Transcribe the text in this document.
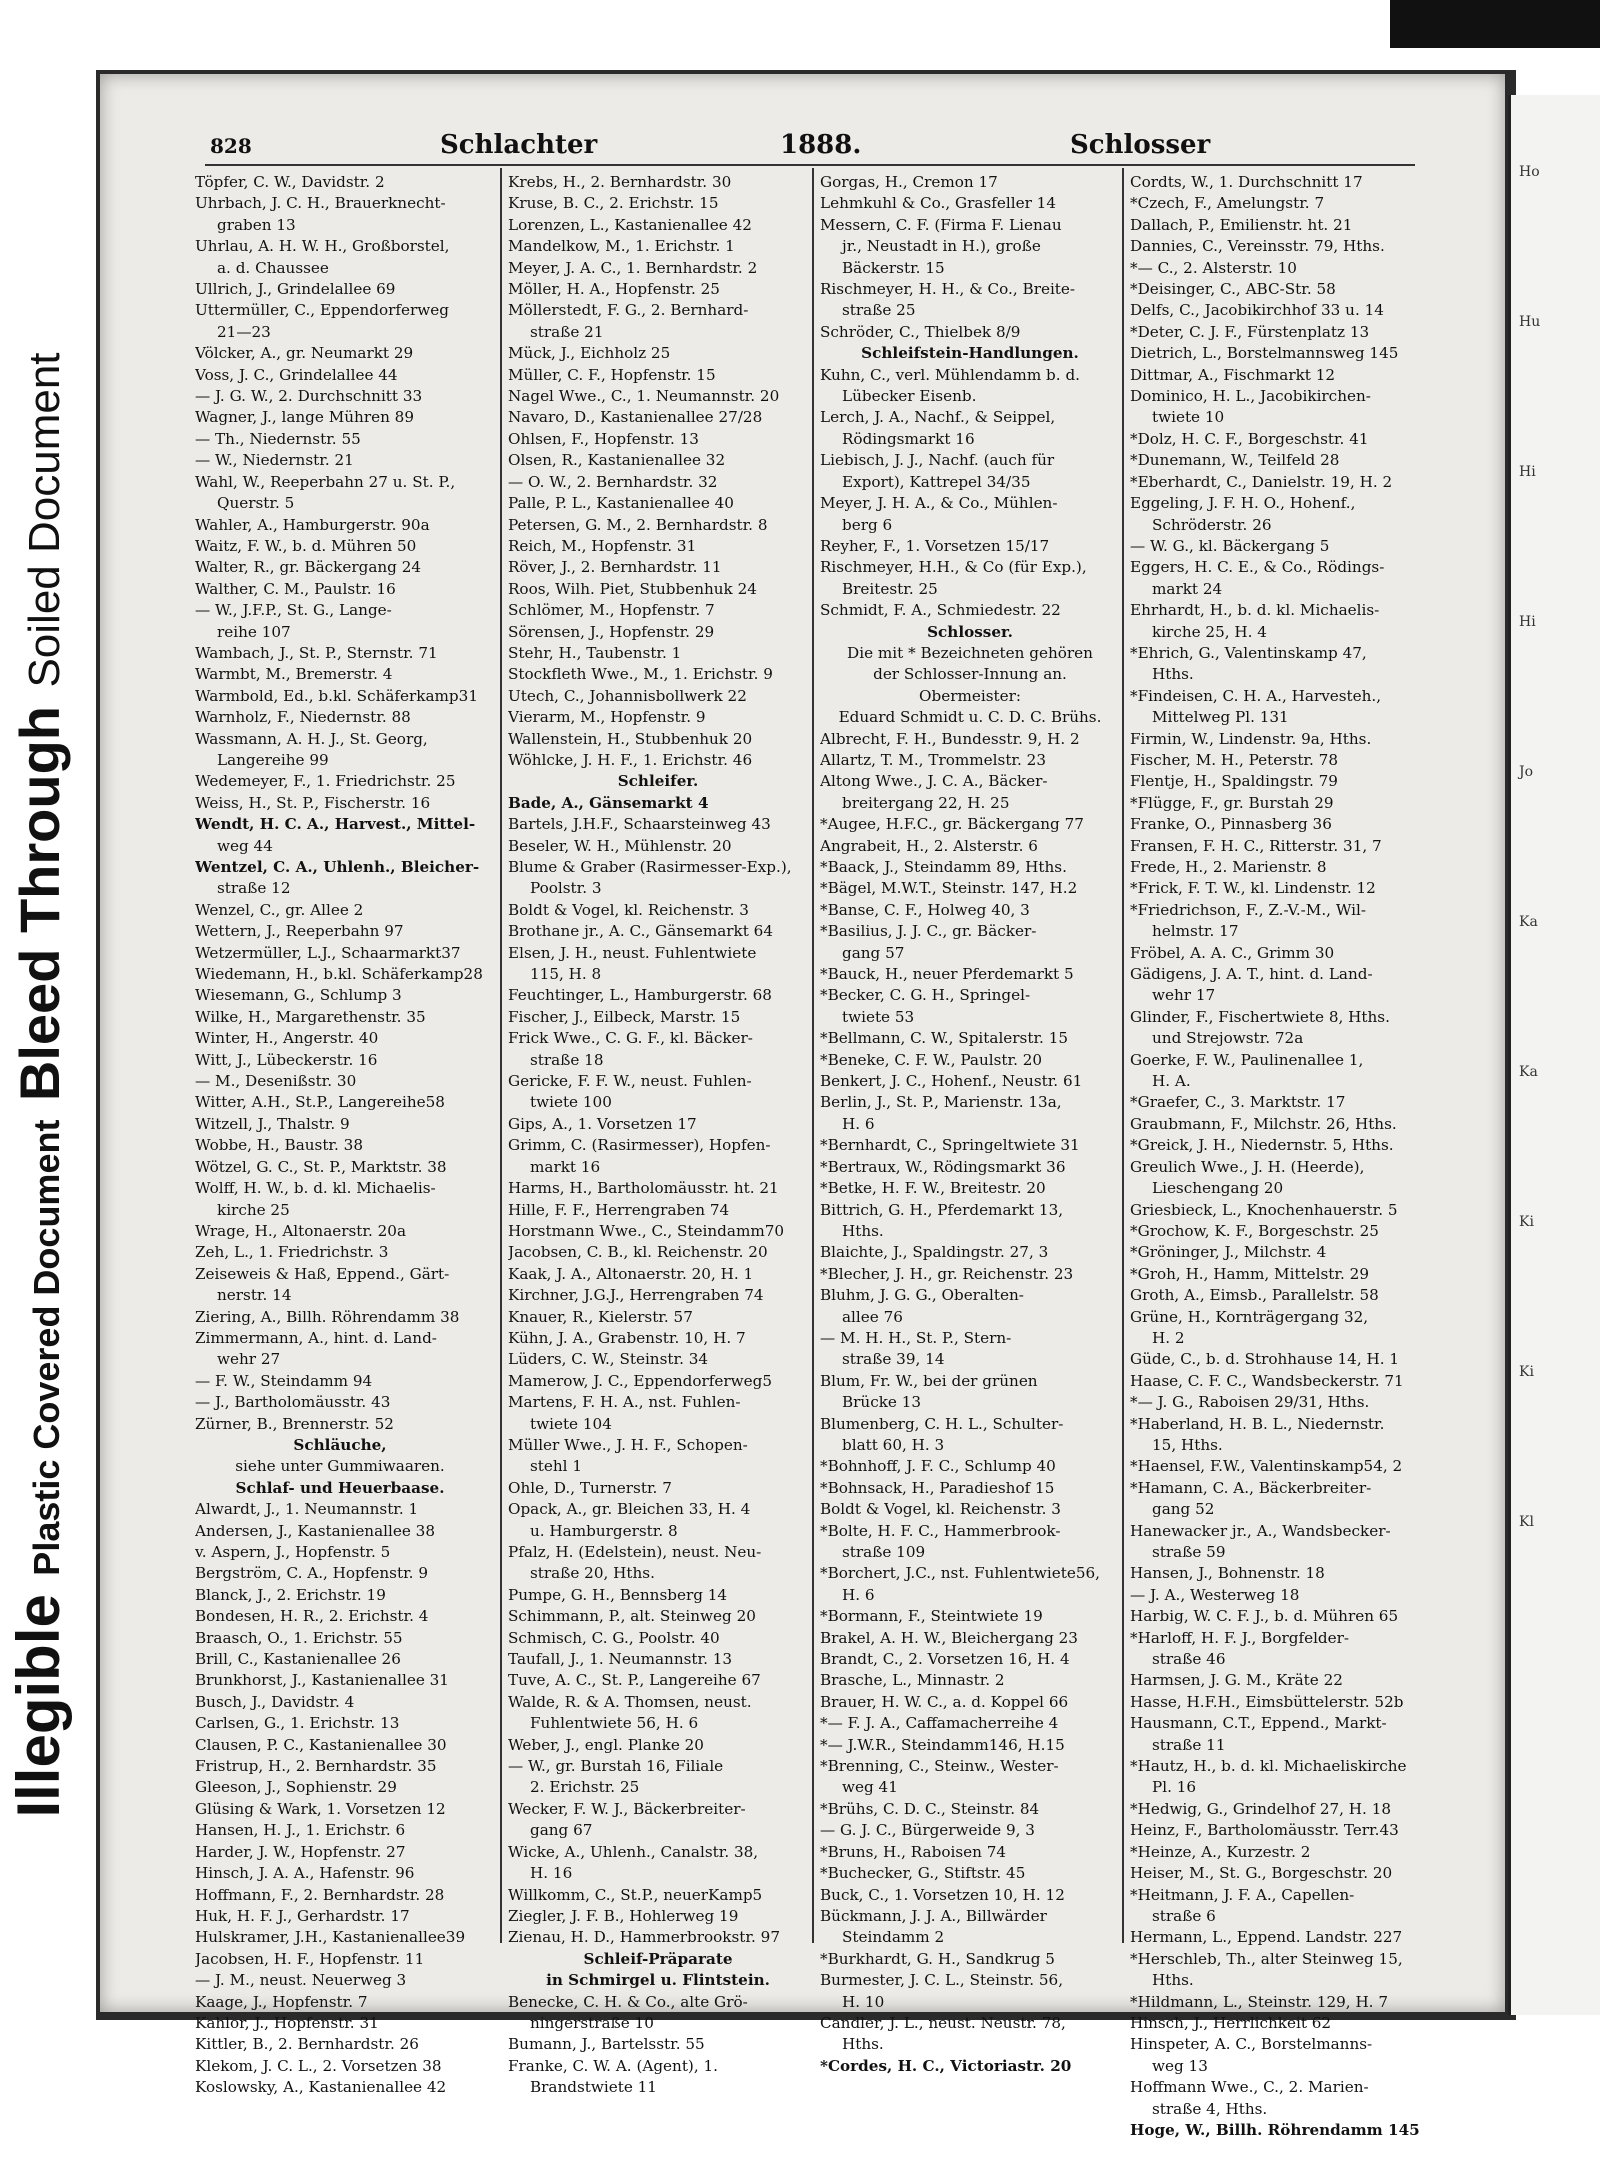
Illegible Plastic Covered Document Bleed Through Soiled Document
Ho
Hu
Hi
Hi
Jo
Ka
Ka
Ki
Ki
Kl
828	Schlachter	1888.	Schlosser
Töpfer, C. W., Davidstr. 2
Uhrbach, J. C. H., Brauerknecht-
graben 13
Uhrlau, A. H. W. H., Großborstel,
a. d. Chaussee
Ullrich, J., Grindelallee 69
Uttermüller, C., Eppendorferweg
21—23
Völcker, A., gr. Neumarkt 29
Voss, J. C., Grindelallee 44
— J. G. W., 2. Durchschnitt 33
Wagner, J., lange Mühren 89
— Th., Niedernstr. 55
— W., Niedernstr. 21
Wahl, W., Reeperbahn 27 u. St. P.,
Querstr. 5
Wahler, A., Hamburgerstr. 90a
Waitz, F. W., b. d. Mühren 50
Walter, R., gr. Bäckergang 24
Walther, C. M., Paulstr. 16
— W., J.F.P., St. G., Lange-
reihe 107
Wambach, J., St. P., Sternstr. 71
Warmbt, M., Bremerstr. 4
Warmbold, Ed., b.kl. Schäferkamp31
Warnholz, F., Niedernstr. 88
Wassmann, A. H. J., St. Georg,
Langereihe 99
Wedemeyer, F., 1. Friedrichstr. 25
Weiss, H., St. P., Fischerstr. 16
Wendt, H. C. A., Harvest., Mittel-
weg 44
Wentzel, C. A., Uhlenh., Bleicher-
straße 12
Wenzel, C., gr. Allee 2
Wettern, J., Reeperbahn 97
Wetzermüller, L.J., Schaarmarkt37
Wiedemann, H., b.kl. Schäferkamp28
Wiesemann, G., Schlump 3
Wilke, H., Margarethenstr. 35
Winter, H., Angerstr. 40
Witt, J., Lübeckerstr. 16
— M., Desenißstr. 30
Witter, A.H., St.P., Langereihe58
Witzell, J., Thalstr. 9
Wobbe, H., Baustr. 38
Wötzel, G. C., St. P., Marktstr. 38
Wolff, H. W., b. d. kl. Michaelis-
kirche 25
Wrage, H., Altonaerstr. 20a
Zeh, L., 1. Friedrichstr. 3
Zeiseweis & Haß, Eppend., Gärt-
nerstr. 14
Ziering, A., Billh. Röhrendamm 38
Zimmermann, A., hint. d. Land-
wehr 27
— F. W., Steindamm 94
— J., Bartholomäusstr. 43
Zürner, B., Brennerstr. 52
Schläuche,
siehe unter Gummiwaaren.
Schlaf- und Heuerbaase.
Alwardt, J., 1. Neumannstr. 1
Andersen, J., Kastanienallee 38
v. Aspern, J., Hopfenstr. 5
Bergström, C. A., Hopfenstr. 9
Blanck, J., 2. Erichstr. 19
Bondesen, H. R., 2. Erichstr. 4
Braasch, O., 1. Erichstr. 55
Brill, C., Kastanienallee 26
Brunkhorst, J., Kastanienallee 31
Busch, J., Davidstr. 4
Carlsen, G., 1. Erichstr. 13
Clausen, P. C., Kastanienallee 30
Fristrup, H., 2. Bernhardstr. 35
Gleeson, J., Sophienstr. 29
Glüsing & Wark, 1. Vorsetzen 12
Hansen, H. J., 1. Erichstr. 6
Harder, J. W., Hopfenstr. 27
Hinsch, J. A. A., Hafenstr. 96
Hoffmann, F., 2. Bernhardstr. 28
Huk, H. F. J., Gerhardstr. 17
Hulskramer, J.H., Kastanienallee39
Jacobsen, H. F., Hopfenstr. 11
— J. M., neust. Neuerweg 3
Kaage, J., Hopfenstr. 7
Kahlor, J., Hopfenstr. 31
Kittler, B., 2. Bernhardstr. 26
Klekom, J. C. L., 2. Vorsetzen 38
Koslowsky, A., Kastanienallee 42
Krebs, H., 2. Bernhardstr. 30
Kruse, B. C., 2. Erichstr. 15
Lorenzen, L., Kastanienallee 42
Mandelkow, M., 1. Erichstr. 1
Meyer, J. A. C., 1. Bernhardstr. 2
Möller, H. A., Hopfenstr. 25
Möllerstedt, F. G., 2. Bernhard-
straße 21
Mück, J., Eichholz 25
Müller, C. F., Hopfenstr. 15
Nagel Wwe., C., 1. Neumannstr. 20
Navaro, D., Kastanienallee 27/28
Ohlsen, F., Hopfenstr. 13
Olsen, R., Kastanienallee 32
— O. W., 2. Bernhardstr. 32
Palle, P. L., Kastanienallee 40
Petersen, G. M., 2. Bernhardstr. 8
Reich, M., Hopfenstr. 31
Röver, J., 2. Bernhardstr. 11
Roos, Wilh. Piet, Stubbenhuk 24
Schlömer, M., Hopfenstr. 7
Sörensen, J., Hopfenstr. 29
Stehr, H., Taubenstr. 1
Stockfleth Wwe., M., 1. Erichstr. 9
Utech, C., Johannisbollwerk 22
Vierarm, M., Hopfenstr. 9
Wallenstein, H., Stubbenhuk 20
Wöhlcke, J. H. F., 1. Erichstr. 46
Schleifer.
Bade, A., Gänsemarkt 4
Bartels, J.H.F., Schaarsteinweg 43
Beseler, W. H., Mühlenstr. 20
Blume & Graber (Rasirmesser-Exp.),
Poolstr. 3
Boldt & Vogel, kl. Reichenstr. 3
Brothane jr., A. C., Gänsemarkt 64
Elsen, J. H., neust. Fuhlentwiete
115, H. 8
Feuchtinger, L., Hamburgerstr. 68
Fischer, J., Eilbeck, Marstr. 15
Frick Wwe., C. G. F., kl. Bäcker-
straße 18
Gericke, F. F. W., neust. Fuhlen-
twiete 100
Gips, A., 1. Vorsetzen 17
Grimm, C. (Rasirmesser), Hopfen-
markt 16
Harms, H., Bartholomäusstr. ht. 21
Hille, F. F., Herrengraben 74
Horstmann Wwe., C., Steindamm70
Jacobsen, C. B., kl. Reichenstr. 20
Kaak, J. A., Altonaerstr. 20, H. 1
Kirchner, J.G.J., Herrengraben 74
Knauer, R., Kielerstr. 57
Kühn, J. A., Grabenstr. 10, H. 7
Lüders, C. W., Steinstr. 34
Mamerow, J. C., Eppendorferweg5
Martens, F. H. A., nst. Fuhlen-
twiete 104
Müller Wwe., J. H. F., Schopen-
stehl 1
Ohle, D., Turnerstr. 7
Opack, A., gr. Bleichen 33, H. 4
u. Hamburgerstr. 8
Pfalz, H. (Edelstein), neust. Neu-
straße 20, Hths.
Pumpe, G. H., Bennsberg 14
Schimmann, P., alt. Steinweg 20
Schmisch, C. G., Poolstr. 40
Taufall, J., 1. Neumannstr. 13
Tuve, A. C., St. P., Langereihe 67
Walde, R. & A. Thomsen, neust.
Fuhlentwiete 56, H. 6
Weber, J., engl. Planke 20
— W., gr. Burstah 16, Filiale
2. Erichstr. 25
Wecker, F. W. J., Bäckerbreiter-
gang 67
Wicke, A., Uhlenh., Canalstr. 38,
H. 16
Willkomm, C., St.P., neuerKamp5
Ziegler, J. F. B., Hohlerweg 19
Zienau, H. D., Hammerbrookstr. 97
Schleif-Präparate
in Schmirgel u. Flintstein.
Benecke, C. H. & Co., alte Grö-
ningerstraße 10
Bumann, J., Bartelsstr. 55
Franke, C. W. A. (Agent), 1.
Brandstwiete 11
Gorgas, H., Cremon 17
Lehmkuhl & Co., Grasfeller 14
Messern, C. F. (Firma F. Lienau
jr., Neustadt in H.), große
Bäckerstr. 15
Rischmeyer, H. H., & Co., Breite-
straße 25
Schröder, C., Thielbek 8/9
Schleifstein-Handlungen.
Kuhn, C., verl. Mühlendamm b. d.
Lübecker Eisenb.
Lerch, J. A., Nachf., & Seippel,
Rödingsmarkt 16
Liebisch, J. J., Nachf. (auch für
Export), Kattrepel 34/35
Meyer, J. H. A., & Co., Mühlen-
berg 6
Reyher, F., 1. Vorsetzen 15/17
Rischmeyer, H.H., & Co (für Exp.),
Breitestr. 25
Schmidt, F. A., Schmiedestr. 22
Schlosser.
Die mit * Bezeichneten gehören
der Schlosser-Innung an.
Obermeister:
Eduard Schmidt u. C. D. C. Brühs.
Albrecht, F. H., Bundesstr. 9, H. 2
Allartz, T. M., Trommelstr. 23
Altong Wwe., J. C. A., Bäcker-
breitergang 22, H. 25
*Augee, H.F.C., gr. Bäckergang 77
Angrabeit, H., 2. Alsterstr. 6
*Baack, J., Steindamm 89, Hths.
*Bägel, M.W.T., Steinstr. 147, H.2
*Banse, C. F., Holweg 40, 3
*Basilius, J. J. C., gr. Bäcker-
gang 57
*Bauck, H., neuer Pferdemarkt 5
*Becker, C. G. H., Springel-
twiete 53
*Bellmann, C. W., Spitalerstr. 15
*Beneke, C. F. W., Paulstr. 20
Benkert, J. C., Hohenf., Neustr. 61
Berlin, J., St. P., Marienstr. 13a,
H. 6
*Bernhardt, C., Springeltwiete 31
*Bertraux, W., Rödingsmarkt 36
*Betke, H. F. W., Breitestr. 20
Bittrich, G. H., Pferdemarkt 13,
Hths.
Blaichte, J., Spaldingstr. 27, 3
*Blecher, J. H., gr. Reichenstr. 23
Bluhm, J. G. G., Oberalten-
allee 76
— M. H. H., St. P., Stern-
straße 39, 14
Blum, Fr. W., bei der grünen
Brücke 13
Blumenberg, C. H. L., Schulter-
blatt 60, H. 3
*Bohnhoff, J. F. C., Schlump 40
*Bohnsack, H., Paradieshof 15
Boldt & Vogel, kl. Reichenstr. 3
*Bolte, H. F. C., Hammerbrook-
straße 109
*Borchert, J.C., nst. Fuhlentwiete56,
H. 6
*Bormann, F., Steintwiete 19
Brakel, A. H. W., Bleichergang 23
Brandt, C., 2. Vorsetzen 16, H. 4
Brasche, L., Minnastr. 2
Brauer, H. W. C., a. d. Koppel 66
*— F. J. A., Caffamacherreihe 4
*— J.W.R., Steindamm146, H.15
*Brenning, C., Steinw., Wester-
weg 41
*Brühs, C. D. C., Steinstr. 84
— G. J. C., Bürgerweide 9, 3
*Bruns, H., Raboisen 74
*Buchecker, G., Stiftstr. 45
Buck, C., 1. Vorsetzen 10, H. 12
Bückmann, J. J. A., Billwärder
Steindamm 2
*Burkhardt, G. H., Sandkrug 5
Burmester, J. C. L., Steinstr. 56,
H. 10
Candler, J. L., neust. Neustr. 78,
Hths.
*Cordes, H. C., Victoriastr. 20
Cordts, W., 1. Durchschnitt 17
*Czech, F., Amelungstr. 7
Dallach, P., Emilienstr. ht. 21
Dannies, C., Vereinsstr. 79, Hths.
*— C., 2. Alsterstr. 10
*Deisinger, C., ABC-Str. 58
Delfs, C., Jacobikirchhof 33 u. 14
*Deter, C. J. F., Fürstenplatz 13
Dietrich, L., Borstelmannsweg 145
Dittmar, A., Fischmarkt 12
Dominico, H. L., Jacobikirchen-
twiete 10
*Dolz, H. C. F., Borgeschstr. 41
*Dunemann, W., Teilfeld 28
*Eberhardt, C., Danielstr. 19, H. 2
Eggeling, J. F. H. O., Hohenf.,
Schröderstr. 26
— W. G., kl. Bäckergang 5
Eggers, H. C. E., & Co., Rödings-
markt 24
Ehrhardt, H., b. d. kl. Michaelis-
kirche 25, H. 4
*Ehrich, G., Valentinskamp 47,
Hths.
*Findeisen, C. H. A., Harvesteh.,
Mittelweg Pl. 131
Firmin, W., Lindenstr. 9a, Hths.
Fischer, M. H., Peterstr. 78
Flentje, H., Spaldingstr. 79
*Flügge, F., gr. Burstah 29
Franke, O., Pinnasberg 36
Fransen, F. H. C., Ritterstr. 31, 7
Frede, H., 2. Marienstr. 8
*Frick, F. T. W., kl. Lindenstr. 12
*Friedrichson, F., Z.-V.-M., Wil-
helmstr. 17
Fröbel, A. A. C., Grimm 30
Gädigens, J. A. T., hint. d. Land-
wehr 17
Glinder, F., Fischertwiete 8, Hths.
und Strejowstr. 72a
Goerke, F. W., Paulinenallee 1,
H. A.
*Graefer, C., 3. Marktstr. 17
Graubmann, F., Milchstr. 26, Hths.
*Greick, J. H., Niedernstr. 5, Hths.
Greulich Wwe., J. H. (Heerde),
Lieschengang 20
Griesbieck, L., Knochenhauerstr. 5
*Grochow, K. F., Borgeschstr. 25
*Gröninger, J., Milchstr. 4
*Groh, H., Hamm, Mittelstr. 29
Groth, A., Eimsb., Parallelstr. 58
Grüne, H., Kornträgergang 32,
H. 2
Güde, C., b. d. Strohhause 14, H. 1
Haase, C. F. C., Wandsbeckerstr. 71
*— J. G., Raboisen 29/31, Hths.
*Haberland, H. B. L., Niedernstr.
15, Hths.
*Haensel, F.W., Valentinskamp54, 2
*Hamann, C. A., Bäckerbreiter-
gang 52
Hanewacker jr., A., Wandsbecker-
straße 59
Hansen, J., Bohnenstr. 18
— J. A., Westerweg 18
Harbig, W. C. F. J., b. d. Mühren 65
*Harloff, H. F. J., Borgfelder-
straße 46
Harmsen, J. G. M., Kräte 22
Hasse, H.F.H., Eimsbüttelerstr. 52b
Hausmann, C.T., Eppend., Markt-
straße 11
*Hautz, H., b. d. kl. Michaeliskirche
Pl. 16
*Hedwig, G., Grindelhof 27, H. 18
Heinz, F., Bartholomäusstr. Terr.43
*Heinze, A., Kurzestr. 2
Heiser, M., St. G., Borgeschstr. 20
*Heitmann, J. F. A., Capellen-
straße 6
Hermann, L., Eppend. Landstr. 227
*Herschleb, Th., alter Steinweg 15,
Hths.
*Hildmann, L., Steinstr. 129, H. 7
Hinsch, J., Herrlichkeit 62
Hinspeter, A. C., Borstelmanns-
weg 13
Hoffmann Wwe., C., 2. Marien-
straße 4, Hths.
Hoge, W., Billh. Röhrendamm 145
